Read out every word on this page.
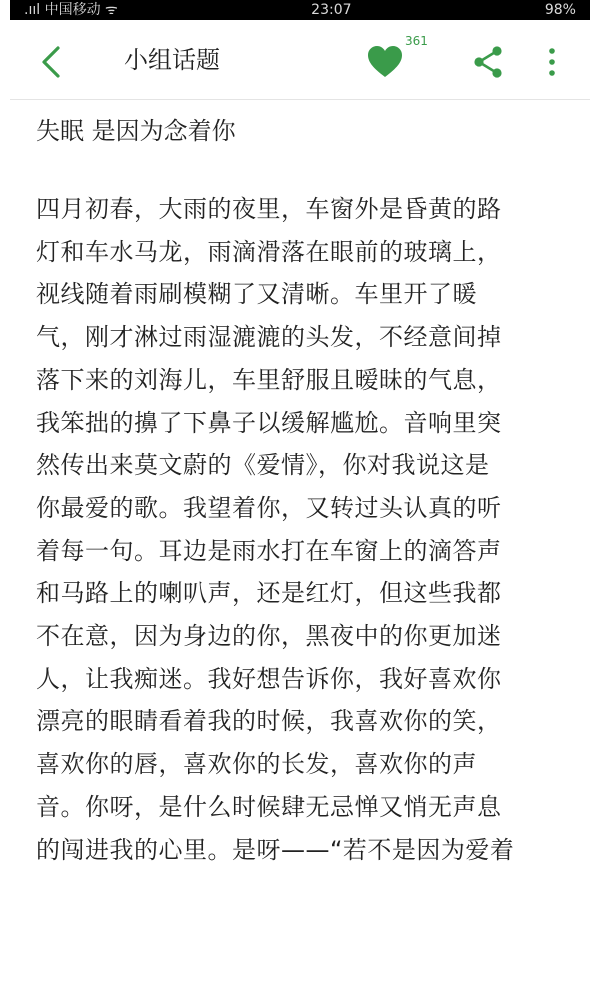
.ııl 中国移动 ᯤ	23:07	98%
小组话题
361
失眠 是因为念着你
四月初春，大雨的夜里，车窗外是昏黄的路
灯和车水马龙，雨滴滑落在眼前的玻璃上，
视线随着雨刷模糊了又清晰。车里开了暖
气，刚才淋过雨湿漉漉的头发，不经意间掉
落下来的刘海儿，车里舒服且暧昧的气息，
我笨拙的擤了下鼻子以缓解尴尬。音响里突
然传出来莫文蔚的《爱情》，你对我说这是
你最爱的歌。我望着你，又转过头认真的听
着每一句。耳边是雨水打在车窗上的滴答声
和马路上的喇叭声，还是红灯，但这些我都
不在意，因为身边的你，黑夜中的你更加迷
人，让我痴迷。我好想告诉你，我好喜欢你
漂亮的眼睛看着我的时候，我喜欢你的笑，
喜欢你的唇，喜欢你的长发，喜欢你的声
音。你呀，是什么时候肆无忌惮又悄无声息
的闯进我的心里。是呀——“若不是因为爱着
